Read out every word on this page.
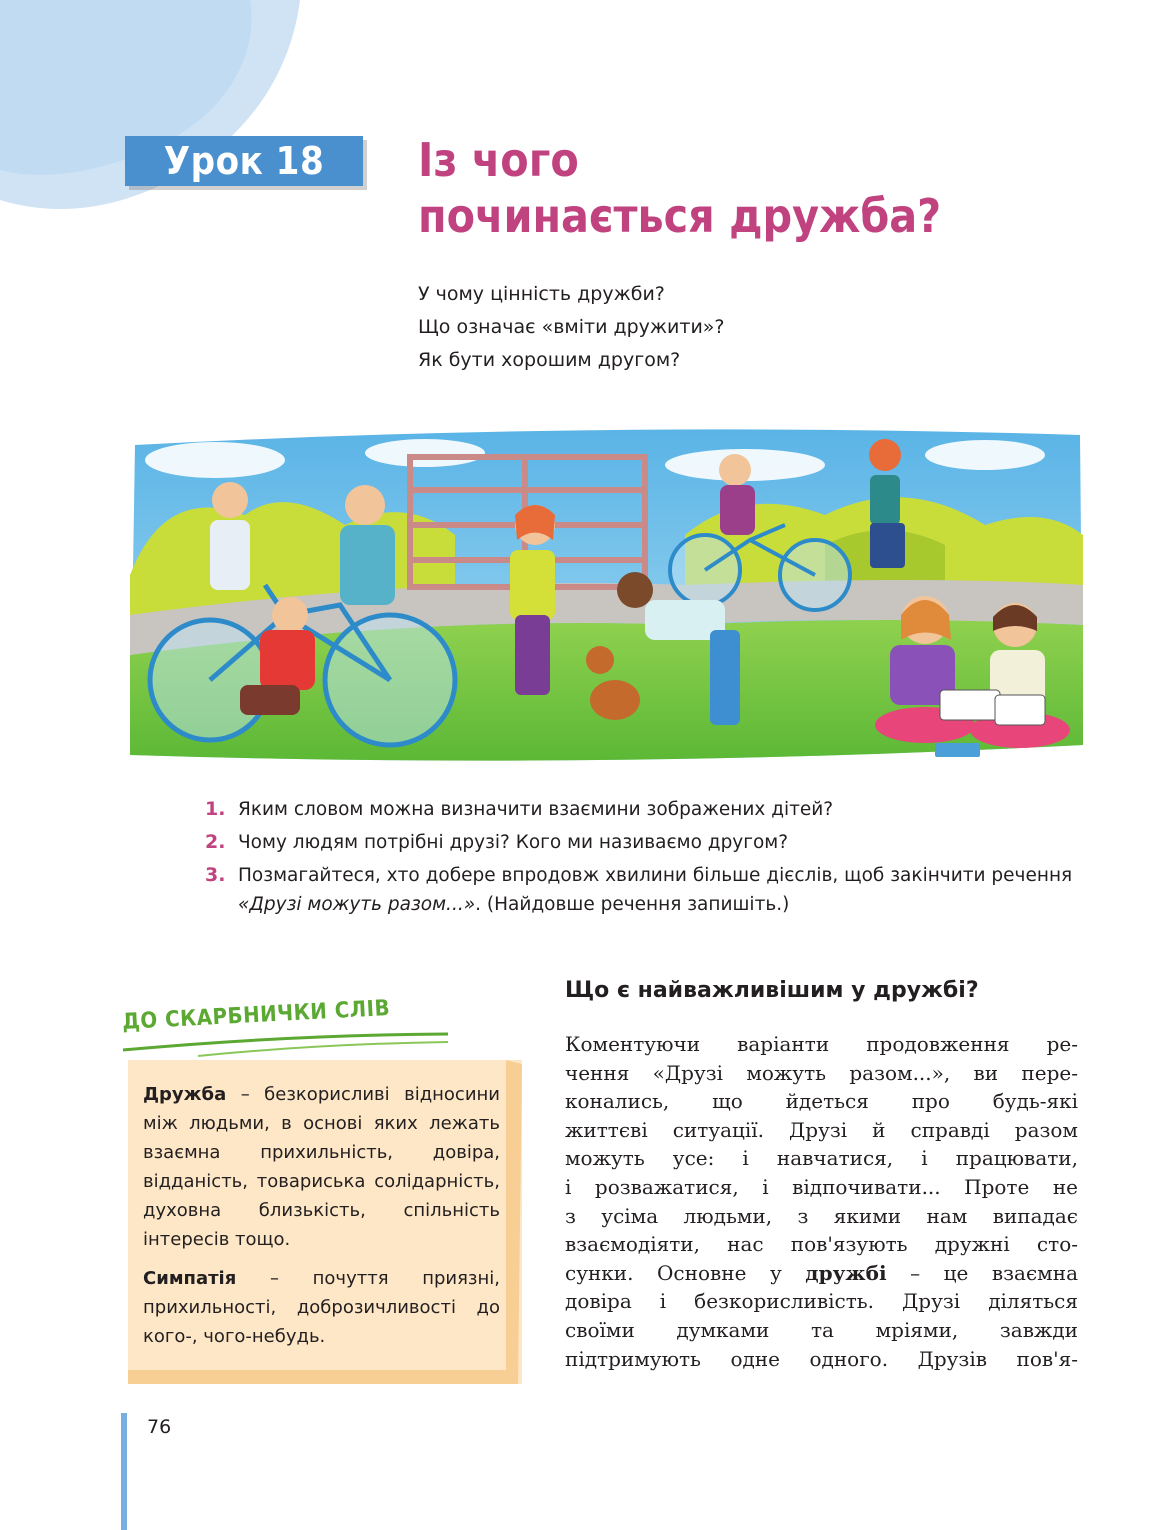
Урок 18	Із чого
починається дружба?
У чому цінність дружби?
Що означає «вміти дружити»?
Як бути хорошим другом?
1. Яким словом можна визначити взаємини зображених дітей?
2. Чому людям потрібні друзі? Кого ми називаємо другом?
3. Позмагайтеся, хто добере впродовж хвилини більше дієслів, щоб закінчити речення «Друзі можуть разом...». (Найдовше речення запишіть.)
ДО СКАРБНИЧКИ СЛІВ

Дружба – безкорисливі відносини між людьми, в основі яких лежать взаємна прихильність, довіра, відданість, товариська солідарність, духовна близькість, спільність інтересів тощо.

Симпатія – почуття приязні, прихильності, доброзичливості до кого-, чого-небудь.

Що є найважливішим у дружбі?
Коментуючи варіанти продовження ре-
чення «Друзі можуть разом...», ви пере-
конались, що йдеться про будь-які
життєві ситуації. Друзі й справді разом
можуть усе: і навчатися, і працювати,
і розважатися, і відпочивати... Проте не
з усіма людьми, з якими нам випадає
взаємодіяти, нас пов'язують дружні сто-
сунки. Основне у дружбі – це взаємна
довіра і безкорисливість. Друзі діляться
своїми думками та мріями, завжди
підтримують одне одного. Друзів пов'я-
76
